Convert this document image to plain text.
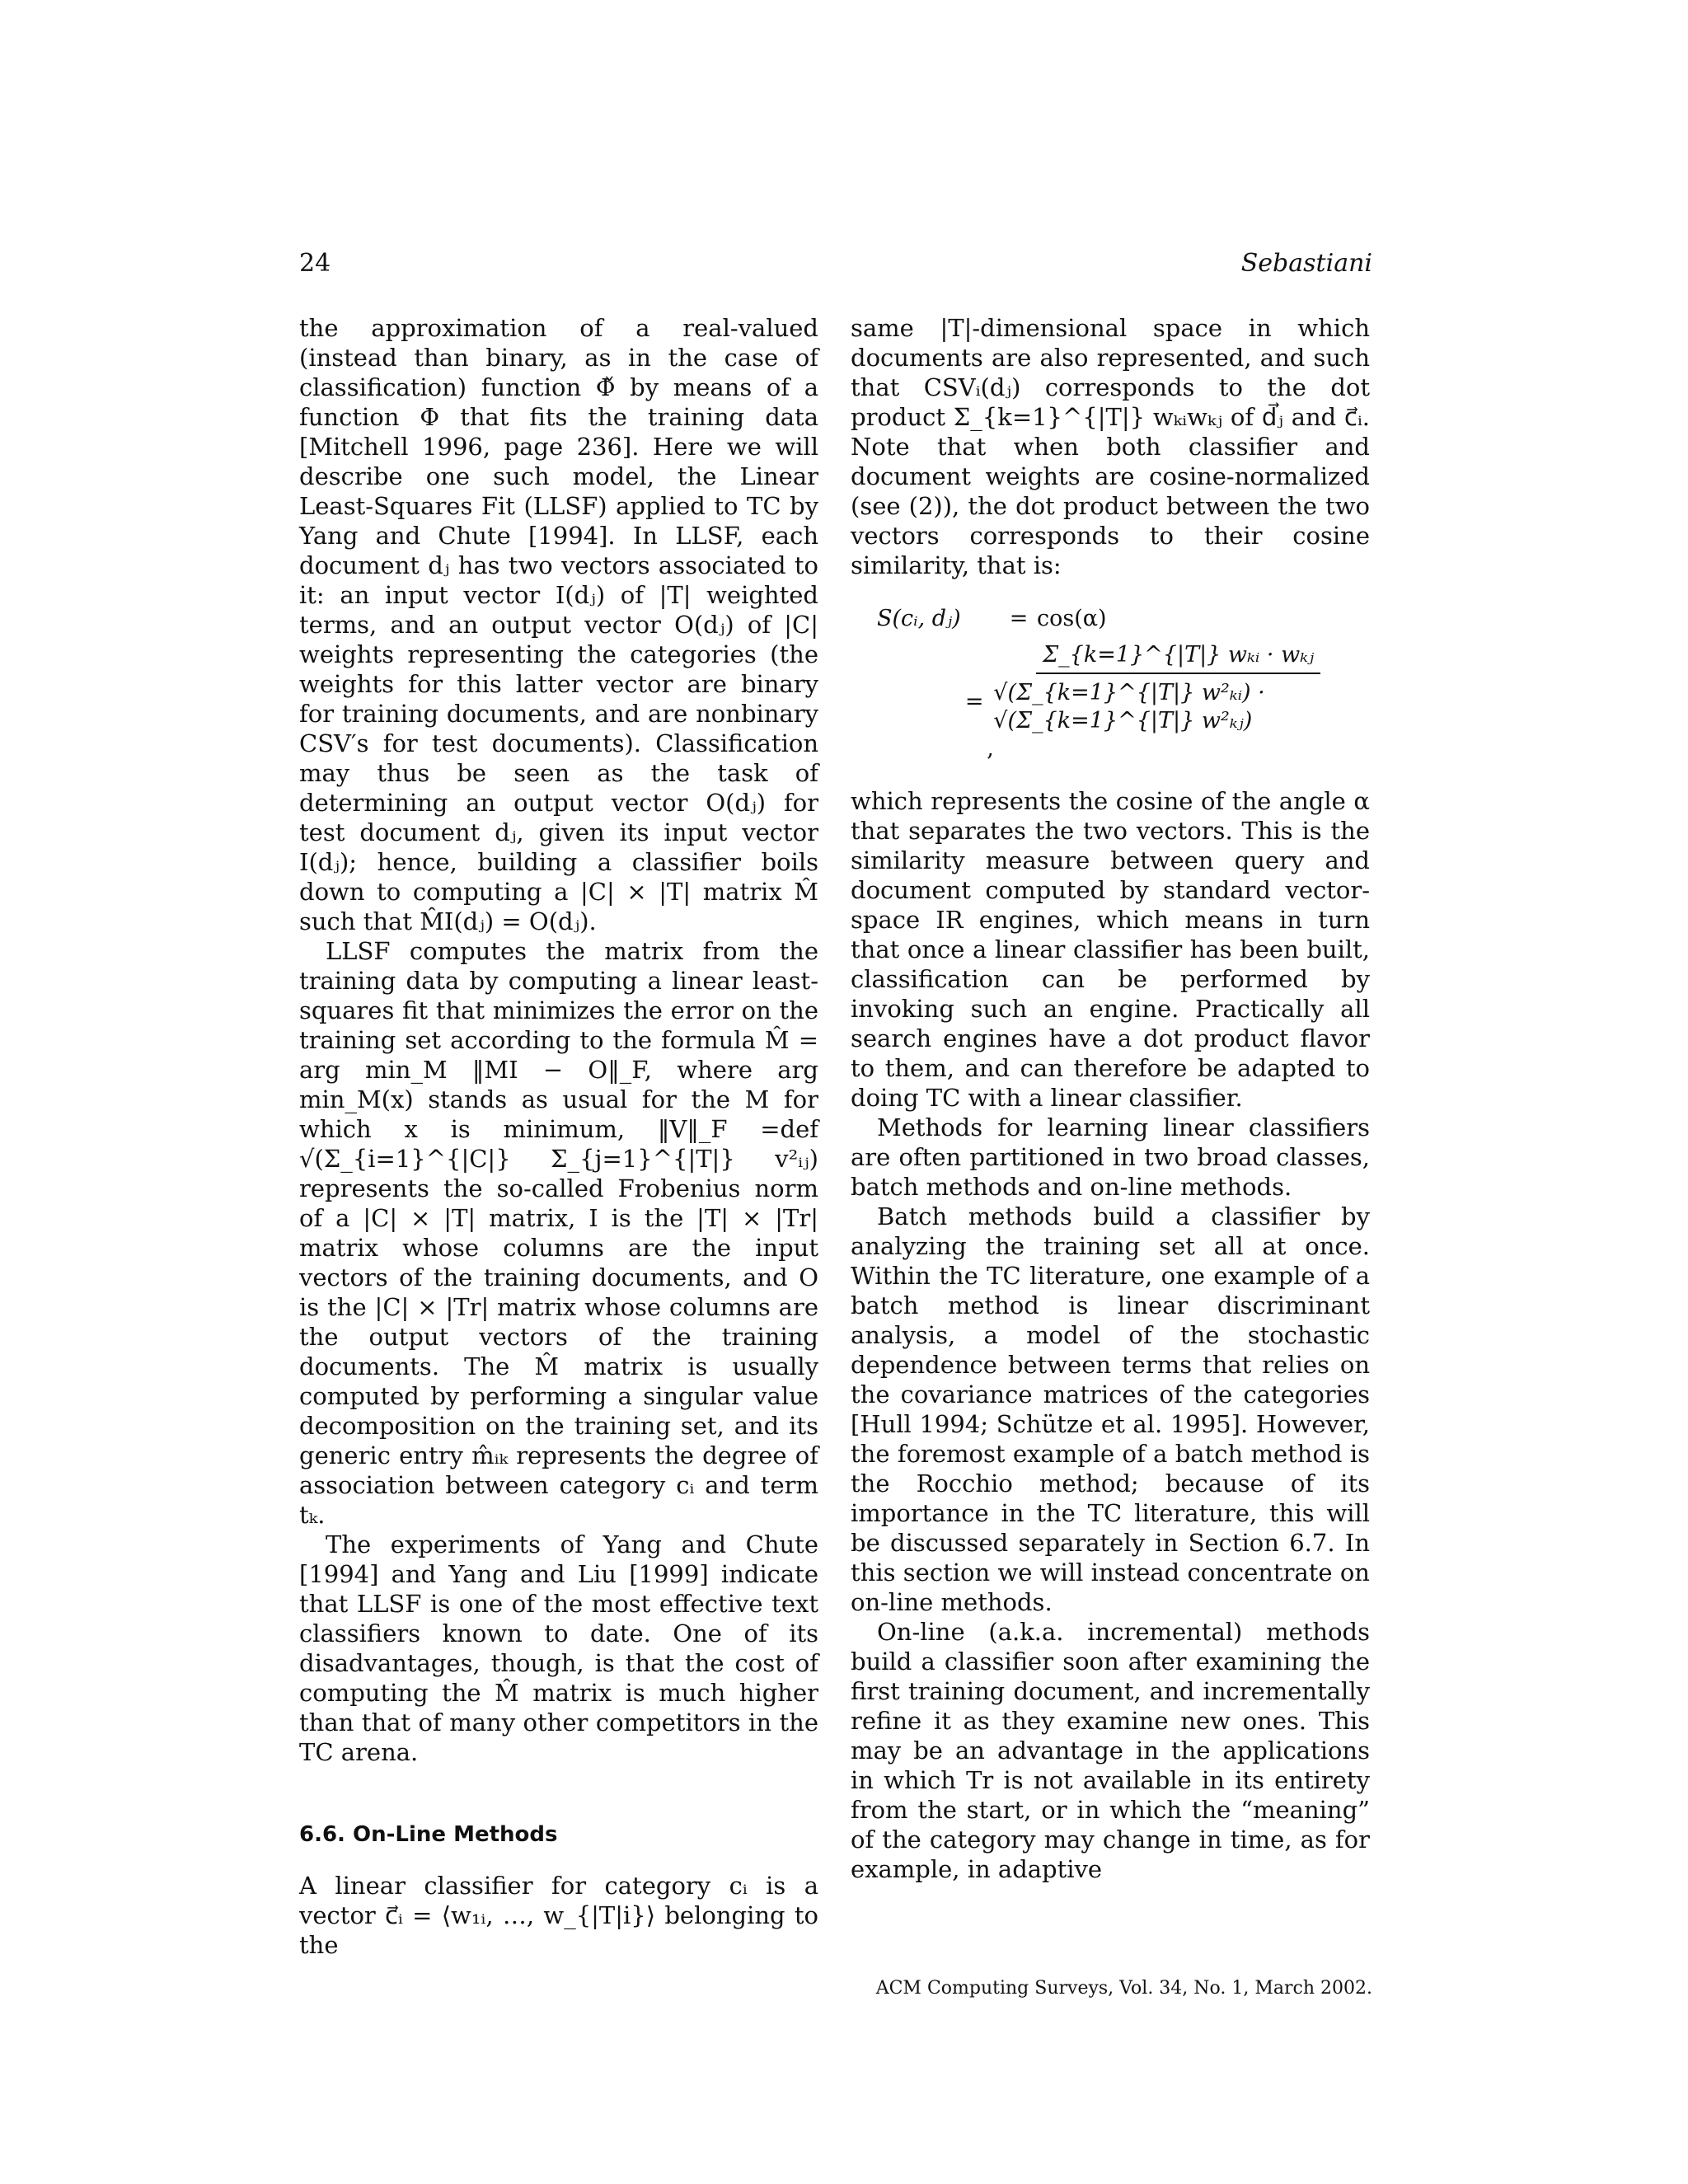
24	Sebastiani

the approximation of a real-valued (instead than binary, as in the case of classification) function Φ̌ by means of a function Φ that fits the training data [Mitchell 1996, page 236]. Here we will describe one such model, the Linear Least-Squares Fit (LLSF) applied to TC by Yang and Chute [1994]. In LLSF, each document dⱼ has two vectors associated to it: an input vector I(dⱼ) of |T| weighted terms, and an output vector O(dⱼ) of |C| weights representing the categories (the weights for this latter vector are binary for training documents, and are nonbinary CSV′s for test documents). Classification may thus be seen as the task of determining an output vector O(dⱼ) for test document dⱼ, given its input vector I(dⱼ); hence, building a classifier boils down to computing a |C| × |T| matrix M̂ such that M̂I(dⱼ) = O(dⱼ).

LLSF computes the matrix from the training data by computing a linear least-squares fit that minimizes the error on the training set according to the formula M̂ = arg min_M ‖MI − O‖_F, where arg min_M(x) stands as usual for the M for which x is minimum, ‖V‖_F =def √(Σ_{i=1}^{|C|} Σ_{j=1}^{|T|} v²ᵢⱼ) represents the so-called Frobenius norm of a |C| × |T| matrix, I is the |T| × |Tr| matrix whose columns are the input vectors of the training documents, and O is the |C| × |Tr| matrix whose columns are the output vectors of the training documents. The M̂ matrix is usually computed by performing a singular value decomposition on the training set, and its generic entry m̂ᵢₖ represents the degree of association between category cᵢ and term tₖ.

The experiments of Yang and Chute [1994] and Yang and Liu [1999] indicate that LLSF is one of the most effective text classifiers known to date. One of its disadvantages, though, is that the cost of computing the M̂ matrix is much higher than that of many other competitors in the TC arena.

6.6. On-Line Methods

A linear classifier for category cᵢ is a vector c⃗ᵢ = ⟨w₁ᵢ, …, w_{|T|i}⟩ belonging to the

same |T|-dimensional space in which documents are also represented, and such that CSVᵢ(dⱼ) corresponds to the dot product Σ_{k=1}^{|T|} wₖᵢwₖⱼ of d⃗ⱼ and c⃗ᵢ. Note that when both classifier and document weights are cosine-normalized (see (2)), the dot product between the two vectors corresponds to their cosine similarity, that is:

S(cᵢ, dⱼ)	= cos(α)
= $\frac{\text{Σ\_\{k=1\}\textasciicircum{}\{|T|\} wₖᵢ · wₖⱼ}}{\text{√(Σ\_\{k=1\}\textasciicircum{}\{|T|\} w²ₖᵢ) · √(Σ\_\{k=1\}\textasciicircum{}\{|T|\} w²ₖⱼ)}}$
,

which represents the cosine of the angle α that separates the two vectors. This is the similarity measure between query and document computed by standard vector-space IR engines, which means in turn that once a linear classifier has been built, classification can be performed by invoking such an engine. Practically all search engines have a dot product flavor to them, and can therefore be adapted to doing TC with a linear classifier.

Methods for learning linear classifiers are often partitioned in two broad classes, batch methods and on-line methods.

Batch methods build a classifier by analyzing the training set all at once. Within the TC literature, one example of a batch method is linear discriminant analysis, a model of the stochastic dependence between terms that relies on the covariance matrices of the categories [Hull 1994; Schütze et al. 1995]. However, the foremost example of a batch method is the Rocchio method; because of its importance in the TC literature, this will be discussed separately in Section 6.7. In this section we will instead concentrate on on-line methods.

On-line (a.k.a. incremental) methods build a classifier soon after examining the first training document, and incrementally refine it as they examine new ones. This may be an advantage in the applications in which Tr is not available in its entirety from the start, or in which the “meaning” of the category may change in time, as for example, in adaptive

ACM Computing Surveys, Vol. 34, No. 1, March 2002.
